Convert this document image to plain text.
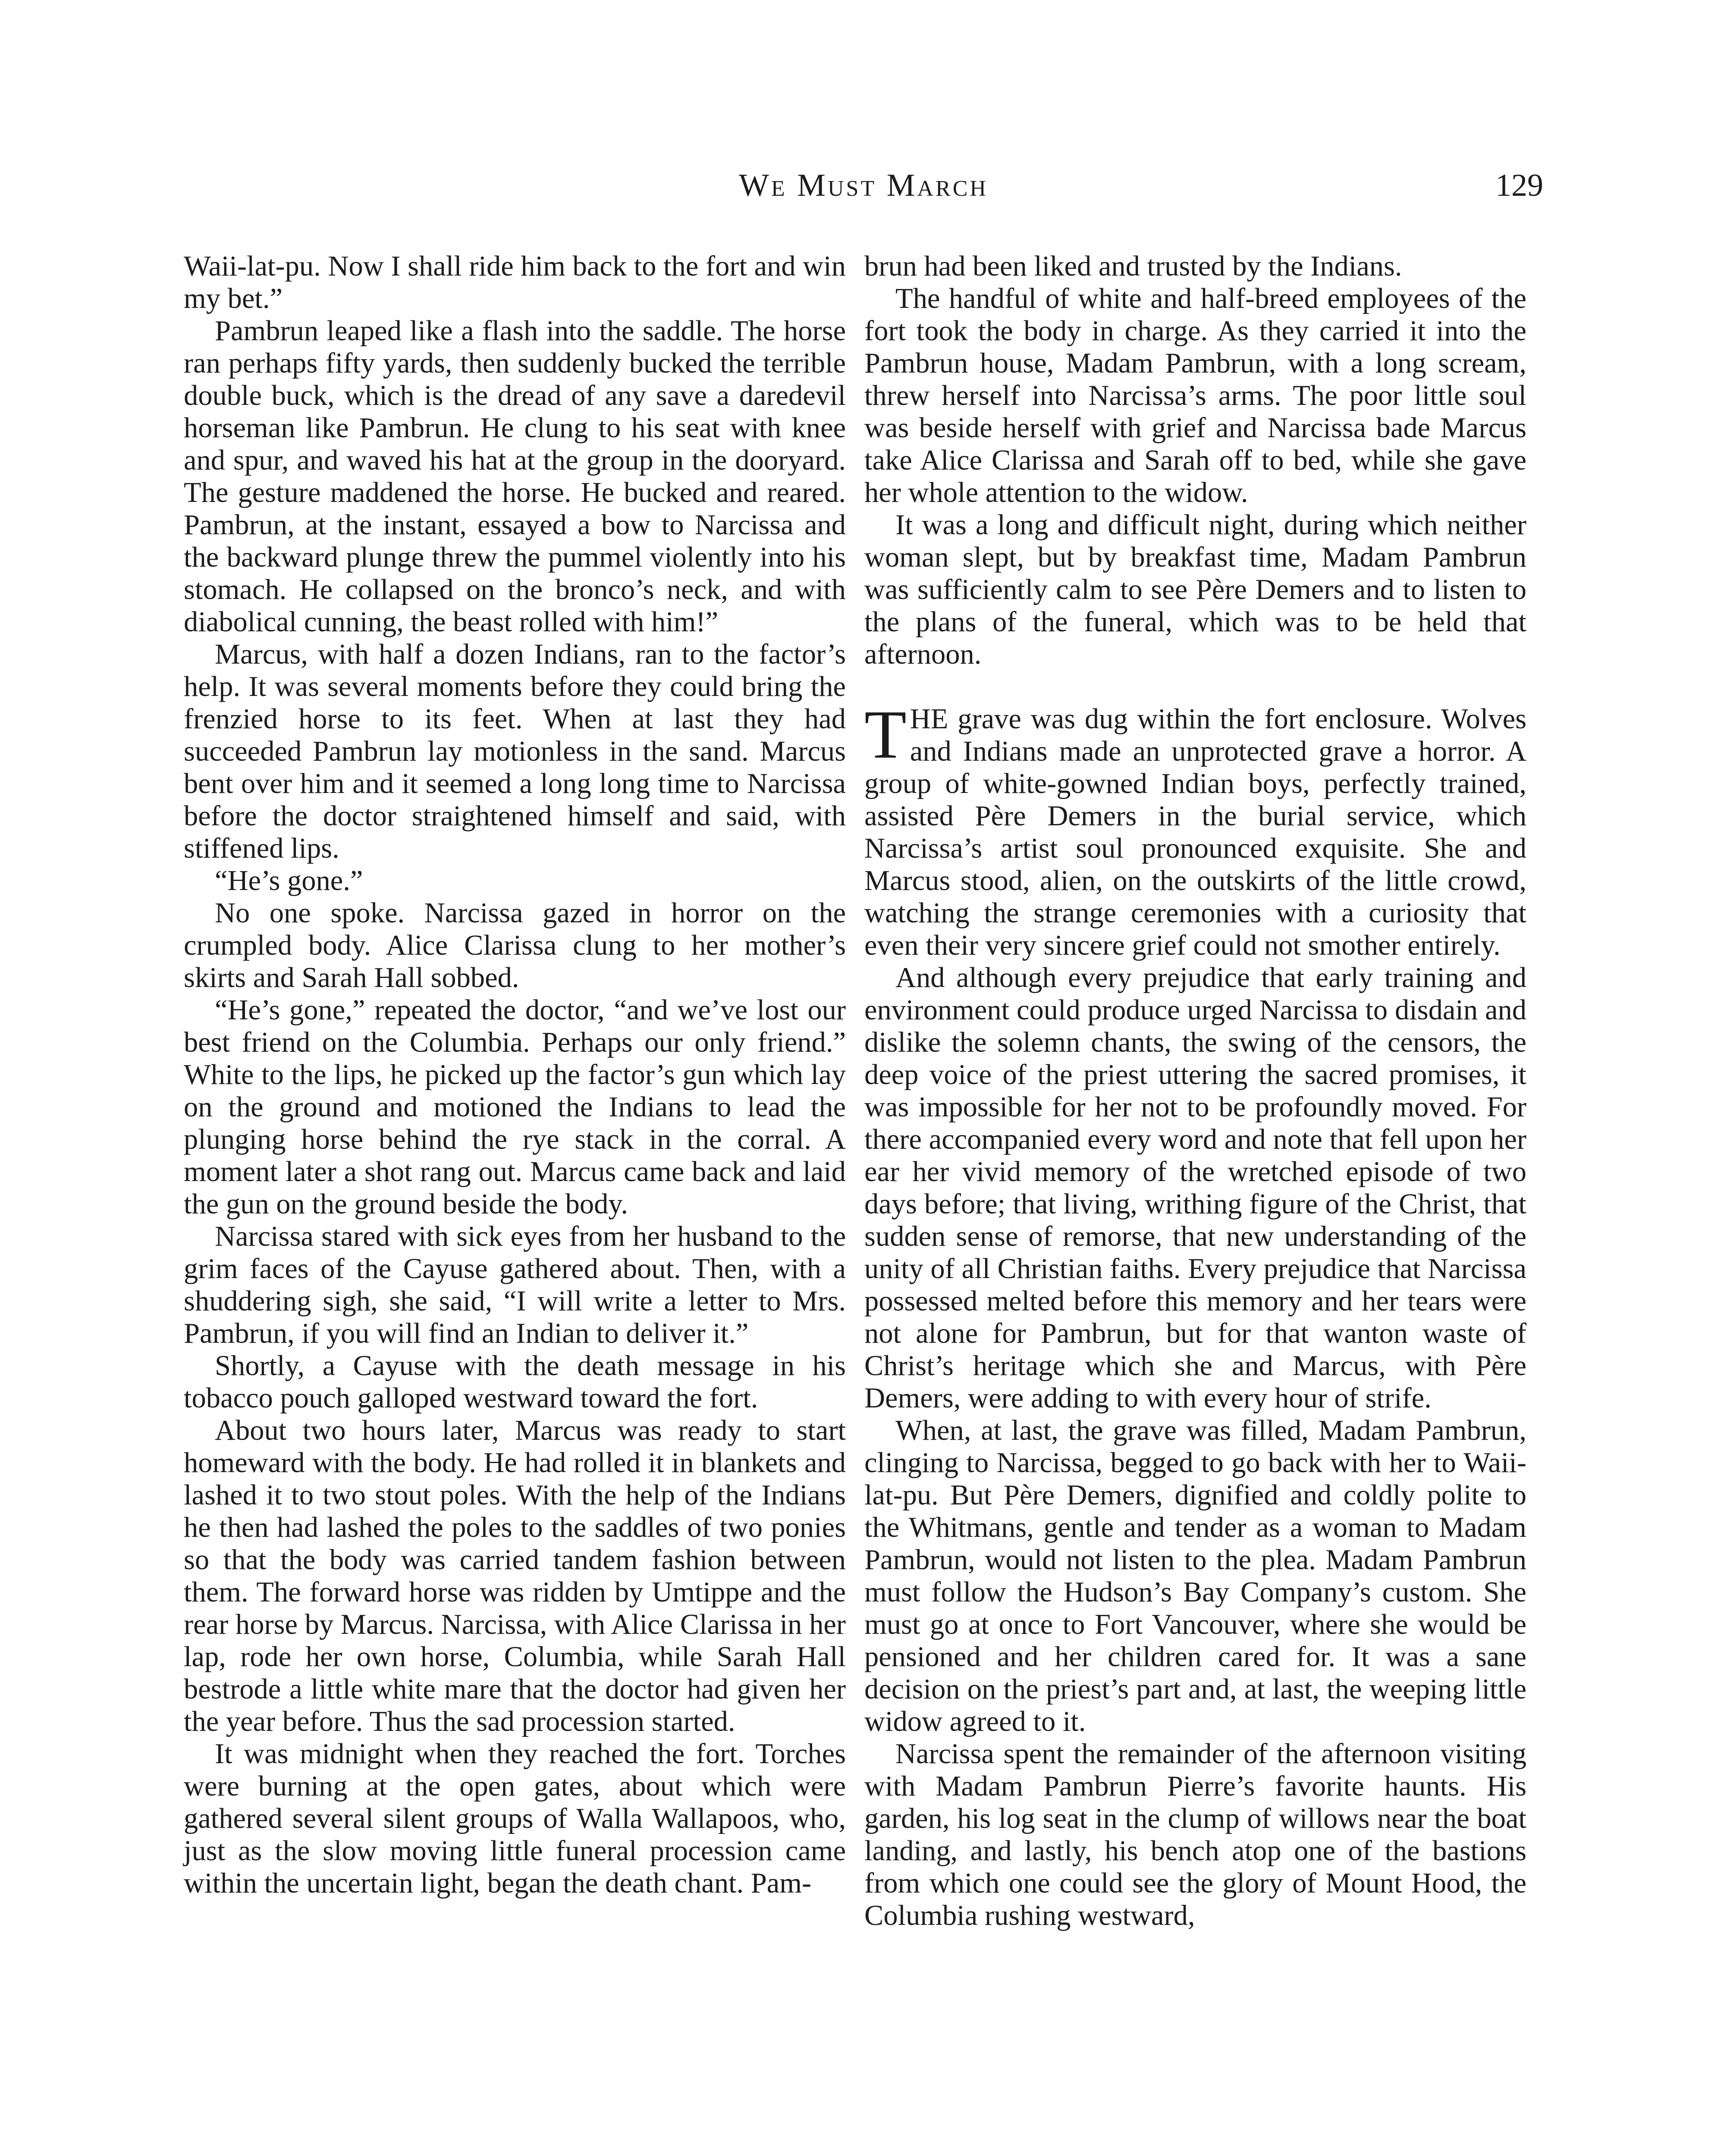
We Must March	129

Waii-lat-pu. Now I shall ride him back to the fort and win my bet.”

Pambrun leaped like a flash into the saddle. The horse ran perhaps fifty yards, then suddenly bucked the terrible double buck, which is the dread of any save a daredevil horseman like Pambrun. He clung to his seat with knee and spur, and waved his hat at the group in the dooryard. The gesture maddened the horse. He bucked and reared. Pambrun, at the instant, essayed a bow to Narcissa and the backward plunge threw the pummel violently into his stomach. He collapsed on the bronco’s neck, and with diabolical cunning, the beast rolled with him!”

Marcus, with half a dozen Indians, ran to the factor’s help. It was several moments before they could bring the frenzied horse to its feet. When at last they had succeeded Pambrun lay motionless in the sand. Marcus bent over him and it seemed a long long time to Narcissa before the doctor straightened himself and said, with stiffened lips.

“He’s gone.”

No one spoke. Narcissa gazed in horror on the crumpled body. Alice Clarissa clung to her mother’s skirts and Sarah Hall sobbed.

“He’s gone,” repeated the doctor, “and we’ve lost our best friend on the Columbia. Perhaps our only friend.” White to the lips, he picked up the factor’s gun which lay on the ground and motioned the Indians to lead the plunging horse behind the rye stack in the corral. A moment later a shot rang out. Marcus came back and laid the gun on the ground beside the body.

Narcissa stared with sick eyes from her husband to the grim faces of the Cayuse gathered about. Then, with a shuddering sigh, she said, “I will write a letter to Mrs. Pambrun, if you will find an Indian to deliver it.”

Shortly, a Cayuse with the death message in his tobacco pouch galloped westward toward the fort.

About two hours later, Marcus was ready to start homeward with the body. He had rolled it in blankets and lashed it to two stout poles. With the help of the Indians he then had lashed the poles to the saddles of two ponies so that the body was carried tandem fashion between them. The forward horse was ridden by Umtippe and the rear horse by Marcus. Narcissa, with Alice Clarissa in her lap, rode her own horse, Columbia, while Sarah Hall bestrode a little white mare that the doctor had given her the year before. Thus the sad procession started.

It was midnight when they reached the fort. Torches were burning at the open gates, about which were gathered several silent groups of Walla Wallapoos, who, just as the slow moving little funeral procession came within the uncertain light, began the death chant. Pam-

brun had been liked and trusted by the Indians.

The handful of white and half-breed employees of the fort took the body in charge. As they carried it into the Pambrun house, Madam Pambrun, with a long scream, threw herself into Narcissa’s arms. The poor little soul was beside herself with grief and Narcissa bade Marcus take Alice Clarissa and Sarah off to bed, while she gave her whole attention to the widow.

It was a long and difficult night, during which neither woman slept, but by breakfast time, Madam Pambrun was sufficiently calm to see Père Demers and to listen to the plans of the funeral, which was to be held that afternoon.

THE grave was dug within the fort enclosure. Wolves and Indians made an unprotected grave a horror. A group of white-gowned Indian boys, perfectly trained, assisted Père Demers in the burial service, which Narcissa’s artist soul pronounced exquisite. She and Marcus stood, alien, on the outskirts of the little crowd, watching the strange ceremonies with a curiosity that even their very sincere grief could not smother entirely.

And although every prejudice that early training and environment could produce urged Narcissa to disdain and dislike the solemn chants, the swing of the censors, the deep voice of the priest uttering the sacred promises, it was impossible for her not to be profoundly moved. For there accompanied every word and note that fell upon her ear her vivid memory of the wretched episode of two days before; that living, writhing figure of the Christ, that sudden sense of remorse, that new understanding of the unity of all Christian faiths. Every prejudice that Narcissa possessed melted before this memory and her tears were not alone for Pambrun, but for that wanton waste of Christ’s heritage which she and Marcus, with Père Demers, were adding to with every hour of strife.

When, at last, the grave was filled, Madam Pambrun, clinging to Narcissa, begged to go back with her to Waii-lat-pu. But Père Demers, dignified and coldly polite to the Whitmans, gentle and tender as a woman to Madam Pambrun, would not listen to the plea. Madam Pambrun must follow the Hudson’s Bay Company’s custom. She must go at once to Fort Vancouver, where she would be pensioned and her children cared for. It was a sane decision on the priest’s part and, at last, the weeping little widow agreed to it.

Narcissa spent the remainder of the afternoon visiting with Madam Pambrun Pierre’s favorite haunts. His garden, his log seat in the clump of willows near the boat landing, and lastly, his bench atop one of the bastions from which one could see the glory of Mount Hood, the Columbia rushing westward,
